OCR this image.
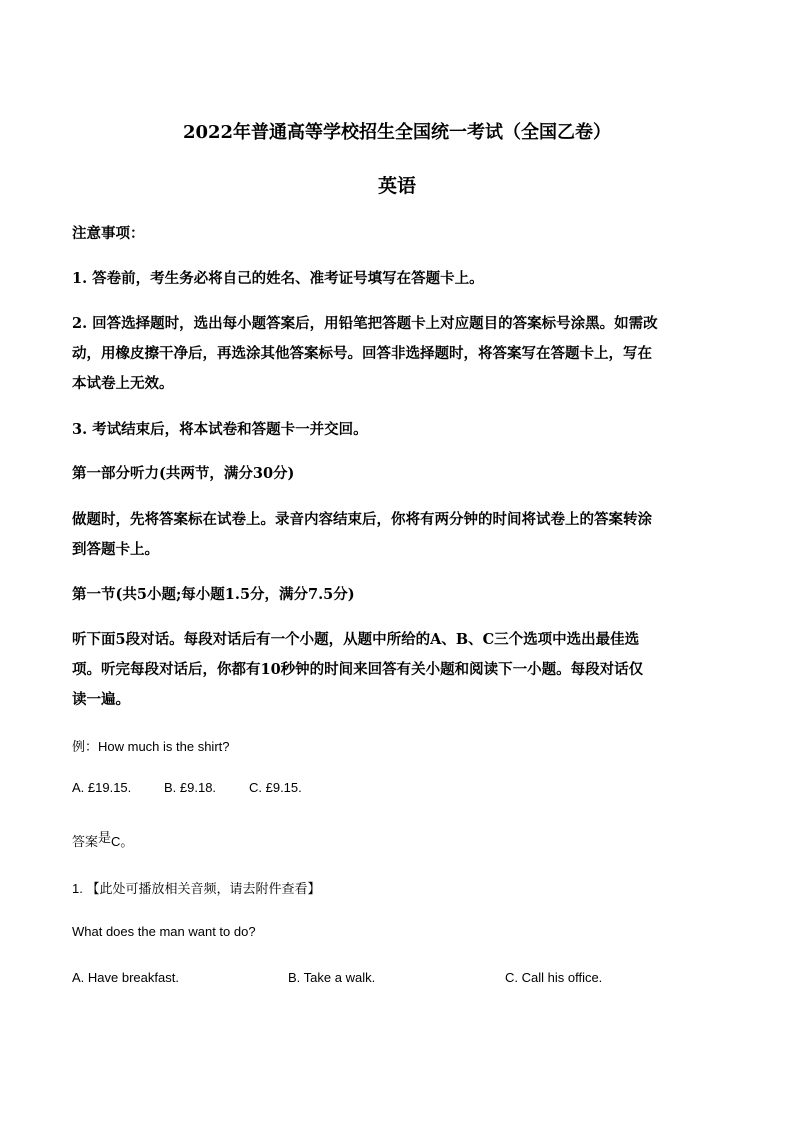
2022年普通高等学校招生全国统一考试（全国乙卷）
英语
注意事项：
1. 答卷前，考生务必将自己的姓名、准考证号填写在答题卡上。
2. 回答选择题时，选出每小题答案后，用铅笔把答题卡上对应题目的答案标号涂黑。如需改
动，用橡皮擦干净后，再选涂其他答案标号。回答非选择题时，将答案写在答题卡上，写在
本试卷上无效。
3. 考试结束后，将本试卷和答题卡一并交回。
第一部分听力(共两节，满分30分)
做题时，先将答案标在试卷上。录音内容结束后，你将有两分钟的时间将试卷上的答案转涂
到答题卡上。
第一节(共5小题;每小题1.5分，满分7.5分)
听下面5段对话。每段对话后有一个小题，从题中所给的A、B、C三个选项中选出最佳选
项。听完每段对话后，你都有10秒钟的时间来回答有关小题和阅读下一小题。每段对话仅
读一遍。
例：How much is the shirt?
A. £19.15.	B. £9.18.	C. £9.15.
答案是C。
1. 【此处可播放相关音频，请去附件查看】
What does the man want to do?
A. Have breakfast.	B. Take a walk.	C. Call his office.
